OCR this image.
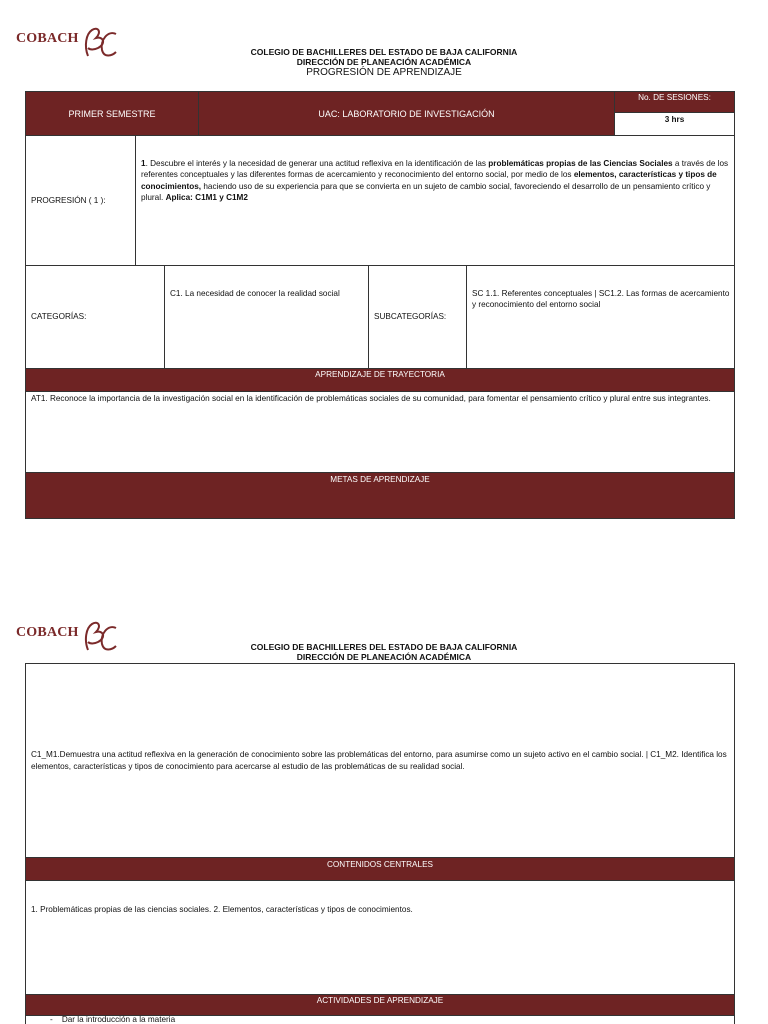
COBACH
COLEGIO DE BACHILLERES DEL ESTADO DE BAJA CALIFORNIA
DIRECCIÓN DE PLANEACIÓN ACADÉMICA
PROGRESIÓN DE APRENDIZAJE
PRIMER SEMESTRE	UAC: LABORATORIO DE INVESTIGACIÓN
No. DE SESIONES:
3 hrs
PROGRESIÓN ( 1 ):
1. Descubre el interés y la necesidad de generar una actitud reflexiva en la identificación de las problemáticas propias de las Ciencias Sociales a través de los referentes conceptuales y las diferentes formas de acercamiento y reconocimiento del entorno social, por medio de los elementos, características y tipos de conocimientos, haciendo uso de su experiencia para que se convierta en un sujeto de cambio social, favoreciendo el desarrollo de un pensamiento crítico y plural. Aplica: C1M1 y C1M2
CATEGORÍAS:
C1. La necesidad de conocer la realidad social
SUBCATEGORÍAS:
SC 1.1. Referentes conceptuales | SC1.2. Las formas de acercamiento y reconocimiento del entorno social
APRENDIZAJE DE TRAYECTORIA
AT1. Reconoce la importancia de la investigación social en la identificación de problemáticas sociales de su comunidad, para fomentar el pensamiento crítico y plural entre sus integrantes.
METAS DE APRENDIZAJE
COBACH
COLEGIO DE BACHILLERES DEL ESTADO DE BAJA CALIFORNIA
DIRECCIÓN DE PLANEACIÓN ACADÉMICA
C1_M1.Demuestra una actitud reflexiva en la generación de conocimiento sobre las problemáticas del entorno, para asumirse como un sujeto activo en el cambio social. | C1_M2. Identifica los elementos, características y tipos de conocimiento para acercarse al estudio de las problemáticas de su realidad social.
CONTENIDOS CENTRALES
1. Problemáticas propias de las ciencias sociales. 2. Elementos, características y tipos de conocimientos.
ACTIVIDADES DE APRENDIZAJE
-    Dar la introducción a la materia
